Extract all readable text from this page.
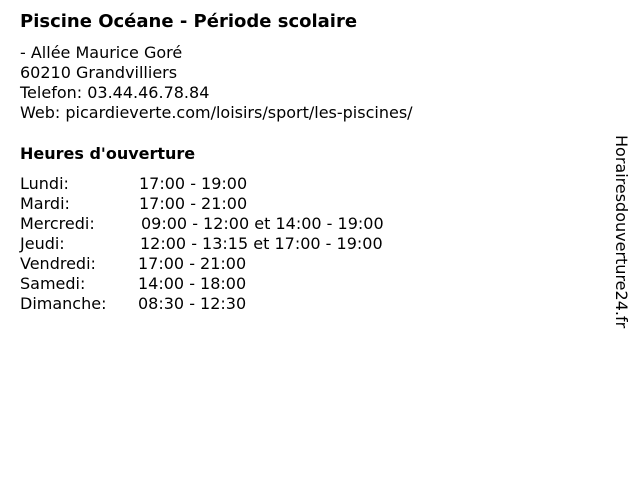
Piscine Océane - Période scolaire
- Allée Maurice Goré
60210 Grandvilliers
Telefon: 03.44.46.78.84
Web: picardieverte.com/loisirs/sport/les-piscines/
Heures d'ouverture
Lundi:	17:00 - 19:00
Mardi:	17:00 - 21:00
Mercredi:	09:00 - 12:00 et 14:00 - 19:00
Jeudi:	12:00 - 13:15 et 17:00 - 19:00
Vendredi:	17:00 - 21:00
Samedi:	14:00 - 18:00
Dimanche: 08:30 - 12:30	Horairesdouverture24.fr
